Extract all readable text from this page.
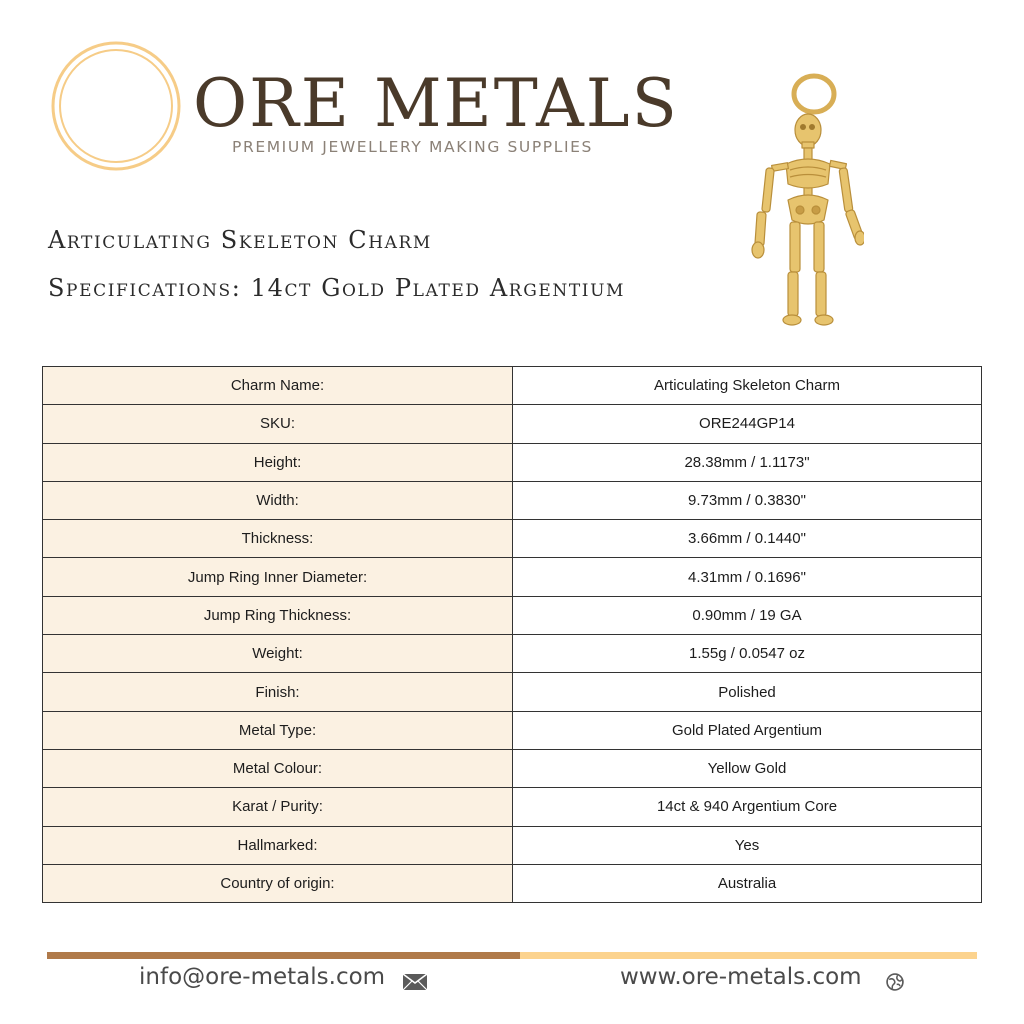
ORE METALS
PREMIUM JEWELLERY MAKING SUPPLIES
Articulating Skeleton Charm
Specifications: 14ct Gold Plated Argentium
Charm Name:	Articulating Skeleton Charm
SKU:	ORE244GP14
Height:	28.38mm / 1.1173"
Width:	9.73mm / 0.3830"
Thickness:	3.66mm / 0.1440"
Jump Ring Inner Diameter:	4.31mm / 0.1696"
Jump Ring Thickness:	0.90mm / 19 GA
Weight:	1.55g / 0.0547 oz
Finish:	Polished
Metal Type:	Gold Plated Argentium
Metal Colour:	Yellow Gold
Karat / Purity:	14ct & 940 Argentium Core
Hallmarked:	Yes
Country of origin:	Australia
info@ore-metals.com	www.ore-metals.com
